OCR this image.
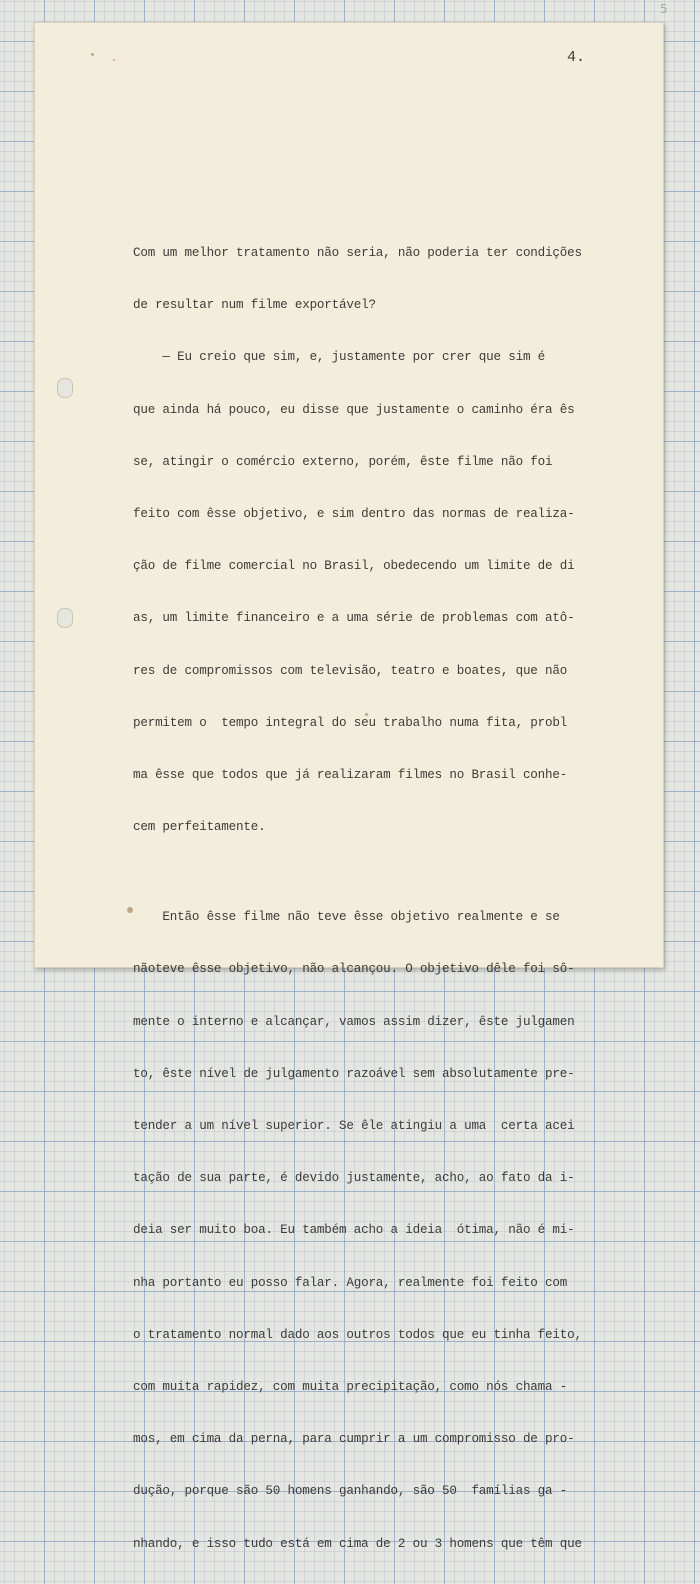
5
4.

Com um melhor tratamento não seria, não poderia ter condições

de resultar num filme exportável?

— Eu creio que sim, e, justamente por crer que sim é

que ainda há pouco, eu disse que justamente o caminho éra ês

se, atingir o comércio externo, porém, êste filme não foi

feito com êsse objetivo, e sim dentro das normas de realiza-

ção de filme comercial no Brasil, obedecendo um limite de di

as, um limite financeiro e a uma série de problemas com atô-

res de compromissos com televisão, teatro e boates, que não

permitem o  tempo integral do seu trabalho numa fita, probl

ma êsse que todos que já realizaram filmes no Brasil conhe-

cem perfeitamente.

Então êsse filme não teve êsse objetivo realmente e se

nãoteve êsse objetivo, não alcançou. O objetivo dêle foi sô-

mente o interno e alcançar, vamos assim dizer, êste julgamen

to, êste nível de julgamento razoável sem absolutamente pre-

tender a um nível superior. Se êle atingiu a uma  certa acei

tação de sua parte, é devido justamente, acho, ao fato da i-

deia ser muito boa. Eu também acho a ideia  ótima, não é mi-

nha portanto eu posso falar. Agora, realmente foi feito com

o tratamento normal dado aos outros todos que eu tinha feito,

com muita rapidez, com muita precipitação, como nós chama -

mos, em cima da perna, para cumprir a um compromisso de pro-

dução, porque são 50 homens ganhando, são 50  famílias ga -

nhando, e isso tudo está em cima de 2 ou 3 homens que têm que
